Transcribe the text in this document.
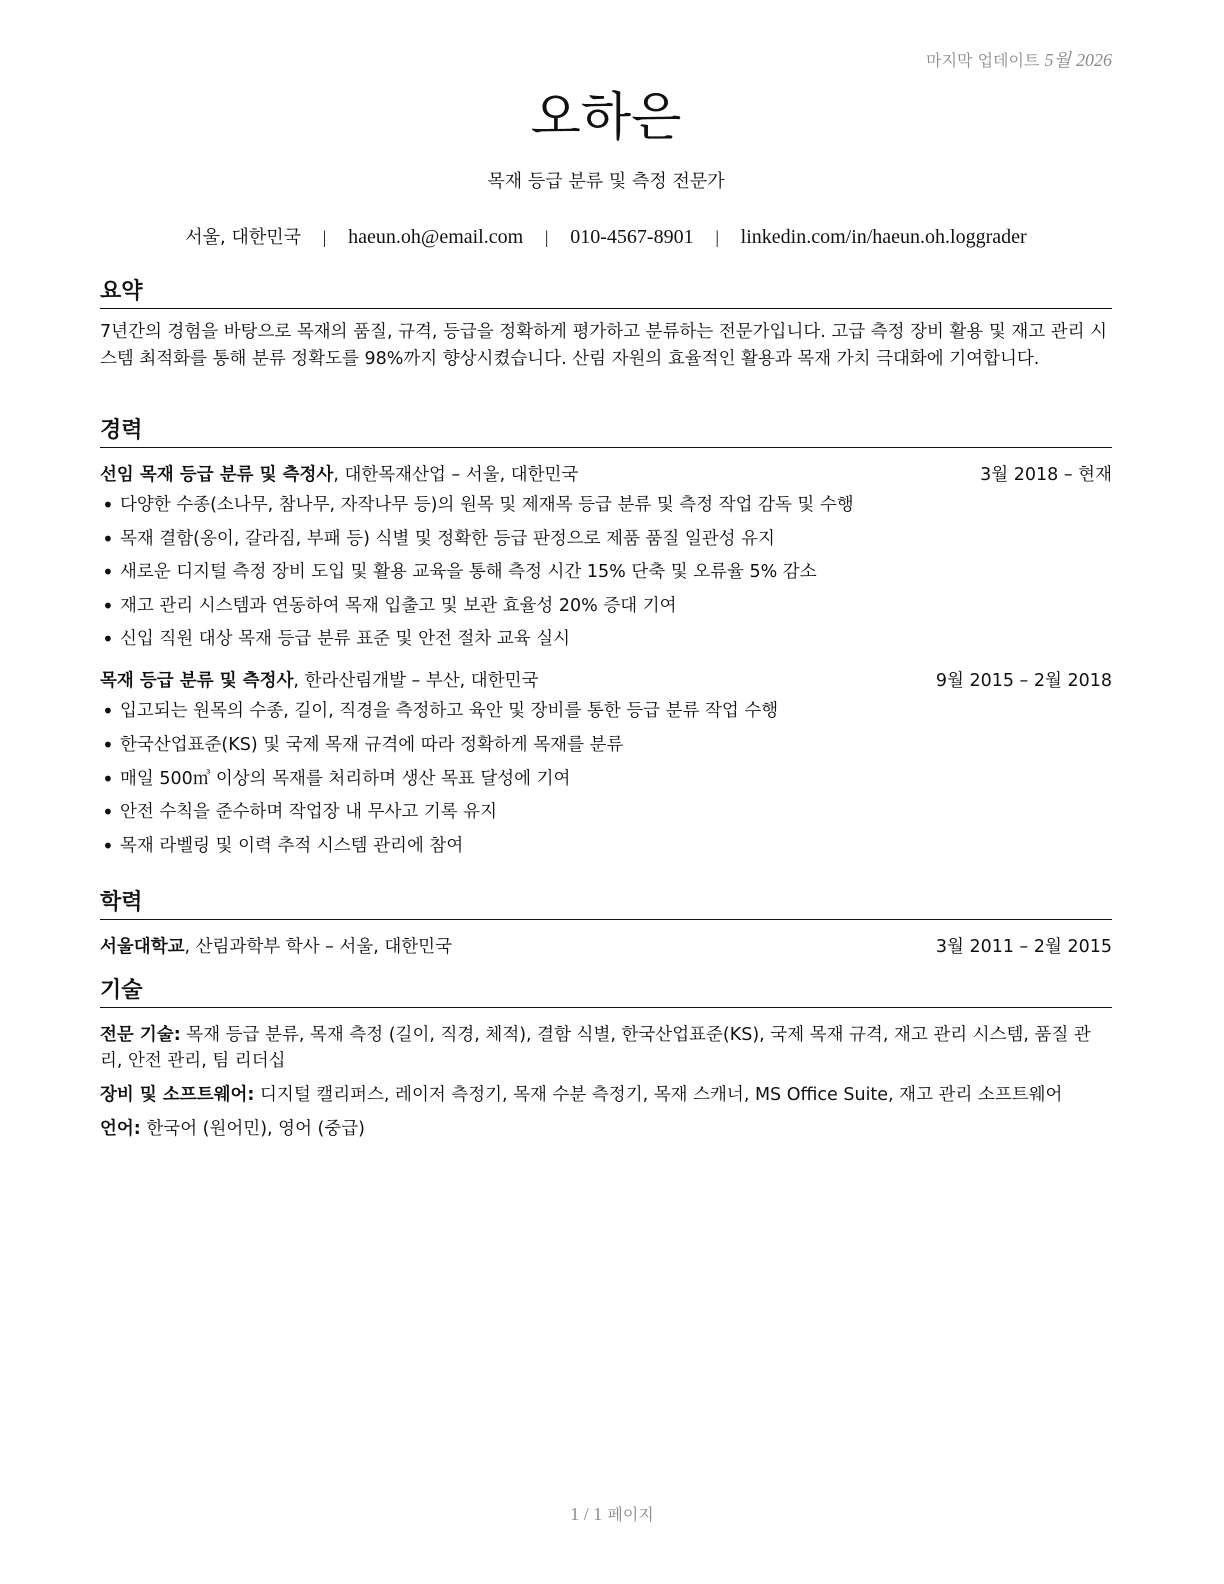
마지막 업데이트 5월 2026
오하은
목재 등급 분류 및 측정 전문가
서울, 대한민국 | haeun.oh@email.com | 010-4567-8901 | linkedin.com/in/haeun.oh.loggrader
요약

7년간의 경험을 바탕으로 목재의 품질, 규격, 등급을 정확하게 평가하고 분류하는 전문가입니다. 고급 측정 장비 활용 및 재고 관리 시스템 최적화를 통해 분류 정확도를 98%까지 향상시켰습니다. 산림 자원의 효율적인 활용과 목재 가치 극대화에 기여합니다.

경력
선임 목재 등급 분류 및 측정사, 대한목재산업 – 서울, 대한민국	3월 2018 – 현재
• 다양한 수종(소나무, 참나무, 자작나무 등)의 원목 및 제재목 등급 분류 및 측정 작업 감독 및 수행
• 목재 결함(옹이, 갈라짐, 부패 등) 식별 및 정확한 등급 판정으로 제품 품질 일관성 유지
• 새로운 디지털 측정 장비 도입 및 활용 교육을 통해 측정 시간 15% 단축 및 오류율 5% 감소
• 재고 관리 시스템과 연동하여 목재 입출고 및 보관 효율성 20% 증대 기여
• 신입 직원 대상 목재 등급 분류 표준 및 안전 절차 교육 실시
목재 등급 분류 및 측정사, 한라산림개발 – 부산, 대한민국	9월 2015 – 2월 2018
• 입고되는 원목의 수종, 길이, 직경을 측정하고 육안 및 장비를 통한 등급 분류 작업 수행
• 한국산업표준(KS) 및 국제 목재 규격에 따라 정확하게 목재를 분류
• 매일 500㎥ 이상의 목재를 처리하며 생산 목표 달성에 기여
• 안전 수칙을 준수하며 작업장 내 무사고 기록 유지
• 목재 라벨링 및 이력 추적 시스템 관리에 참여
학력
서울대학교, 산림과학부 학사 – 서울, 대한민국	3월 2011 – 2월 2015
기술
전문 기술: 목재 등급 분류, 목재 측정 (길이, 직경, 체적), 결함 식별, 한국산업표준(KS), 국제 목재 규격, 재고 관리 시스템, 품질 관리, 안전 관리, 팀 리더십
장비 및 소프트웨어: 디지털 캘리퍼스, 레이저 측정기, 목재 수분 측정기, 목재 스캐너, MS Office Suite, 재고 관리 소프트웨어
언어: 한국어 (원어민), 영어 (중급)
1 / 1 페이지
